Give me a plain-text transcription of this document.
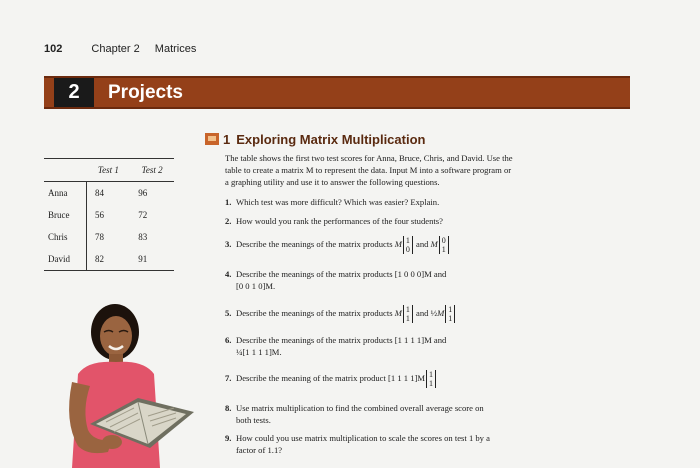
102	Chapter 2 Matrices
2	Projects
1 Exploring Matrix Multiplication
	Test 1	Test 2
Anna	84	96
Bruce	56	72
Chris	78	83
David	82	91

The table shows the first two test scores for Anna, Bruce, Chris, and David. Use the

table to create a matrix M to represent the data. Input M into a software program or

a graphing utility and use it to answer the following questions.

1. Which test was more difficult? Which was easier? Explain.
2. How would you rank the performances of the four students?
3. Describe the meanings of the matrix products M 1
0
and M 0
1
4. Describe the meanings of the matrix products [1 0 0 0]M and
[0 0 1 0]M.
5. Describe the meanings of the matrix products M 1
1
and ½M 1
1
6. Describe the meanings of the matrix products [1 1 1 1]M and
¼[1 1 1 1]M.
7. Describe the meaning of the matrix product [1 1 1 1]M 1
1
8. Use matrix multiplication to find the combined overall average score on
both tests.
9. How could you use matrix multiplication to scale the scores on test 1 by a
factor of 1.1?
